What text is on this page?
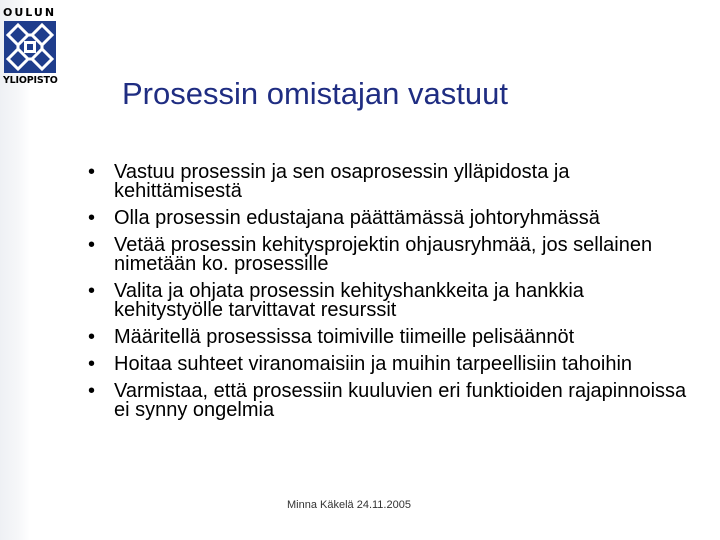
OULUN
YLIOPISTO Prosessin omistajan vastuut
• Vastuu prosessin ja sen osaprosessin ylläpidosta ja kehittämisestä
• Olla prosessin edustajana päättämässä johtoryhmässä
• Vetää prosessin kehitysprojektin ohjausryhmää, jos sellainen nimetään ko. prosessille
• Valita ja ohjata prosessin kehityshankkeita ja hankkia kehitystyölle tarvittavat resurssit
• Määritellä prosessissa toimiville tiimeille pelisäännöt
• Hoitaa suhteet viranomaisiin ja muihin tarpeellisiin tahoihin
• Varmistaa, että prosessiin kuuluvien eri funktioiden rajapinnoissa ei synny ongelmia
Minna Käkelä 24.11.2005
